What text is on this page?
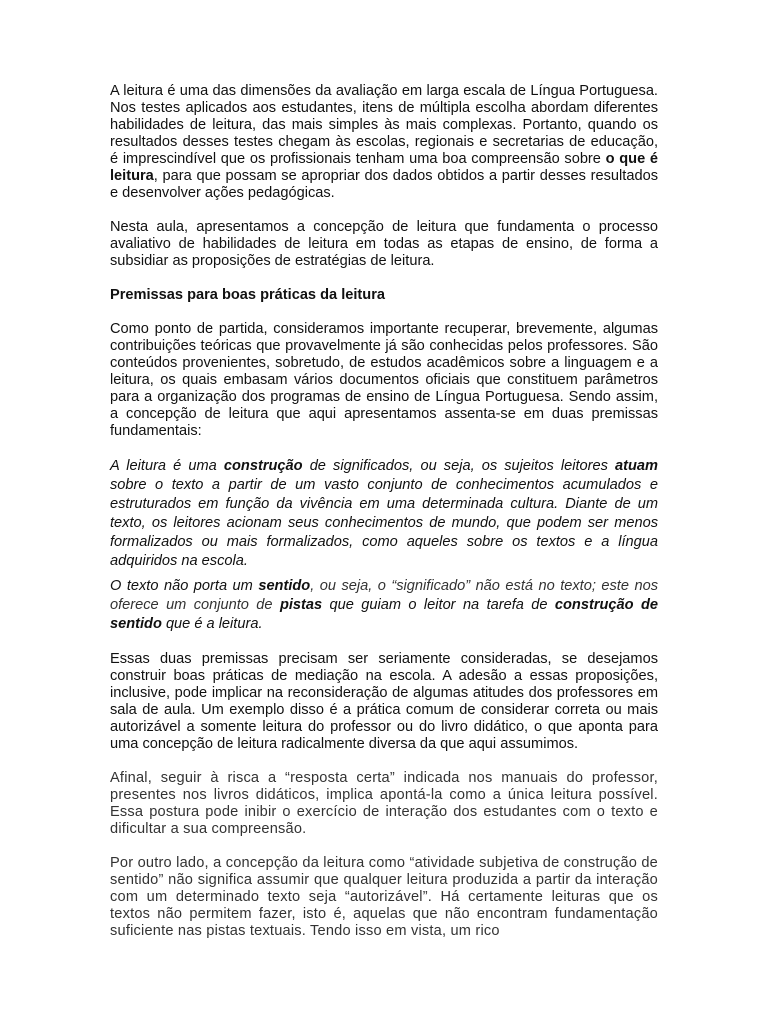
A leitura é uma das dimensões da avaliação em larga escala de Língua Portuguesa. Nos testes aplicados aos estudantes, itens de múltipla escolha abordam diferentes habilidades de leitura, das mais simples às mais complexas. Portanto, quando os resultados desses testes chegam às escolas, regionais e secretarias de educação, é imprescindível que os profissionais tenham uma boa compreensão sobre o que é leitura, para que possam se apropriar dos dados obtidos a partir desses resultados e desenvolver ações pedagógicas.

Nesta aula, apresentamos a concepção de leitura que fundamenta o processo avaliativo de habilidades de leitura em todas as etapas de ensino, de forma a subsidiar as proposições de estratégias de leitura.

Premissas para boas práticas da leitura

Como ponto de partida, consideramos importante recuperar, brevemente, algumas contribuições teóricas que provavelmente já são conhecidas pelos professores. São conteúdos provenientes, sobretudo, de estudos acadêmicos sobre a linguagem e a leitura, os quais embasam vários documentos oficiais que constituem parâmetros para a organização dos programas de ensino de Língua Portuguesa. Sendo assim, a concepção de leitura que aqui apresentamos assenta-se em duas premissas fundamentais:

A leitura é uma construção de significados, ou seja, os sujeitos leitores atuam sobre o texto a partir de um vasto conjunto de conhecimentos acumulados e estruturados em função da vivência em uma determinada cultura. Diante de um texto, os leitores acionam seus conhecimentos de mundo, que podem ser menos formalizados ou mais formalizados, como aqueles sobre os textos e a língua adquiridos na escola.

O texto não porta um sentido, ou seja, o “significado” não está no texto; este nos oferece um conjunto de pistas que guiam o leitor na tarefa de construção de sentido que é a leitura.

Essas duas premissas precisam ser seriamente consideradas, se desejamos construir boas práticas de mediação na escola. A adesão a essas proposições, inclusive, pode implicar na reconsideração de algumas atitudes dos professores em sala de aula. Um exemplo disso é a prática comum de considerar correta ou mais autorizável a somente leitura do professor ou do livro didático, o que aponta para uma concepção de leitura radicalmente diversa da que aqui assumimos.

Afinal, seguir à risca a “resposta certa” indicada nos manuais do professor, presentes nos livros didáticos, implica apontá-la como a única leitura possível. Essa postura pode inibir o exercício de interação dos estudantes com o texto e dificultar a sua compreensão.

Por outro lado, a concepção da leitura como “atividade subjetiva de construção de sentido” não significa assumir que qualquer leitura produzida a partir da interação com um determinado texto seja “autorizável”. Há certamente leituras que os textos não permitem fazer, isto é, aquelas que não encontram fundamentação suficiente nas pistas textuais. Tendo isso em vista, um rico
